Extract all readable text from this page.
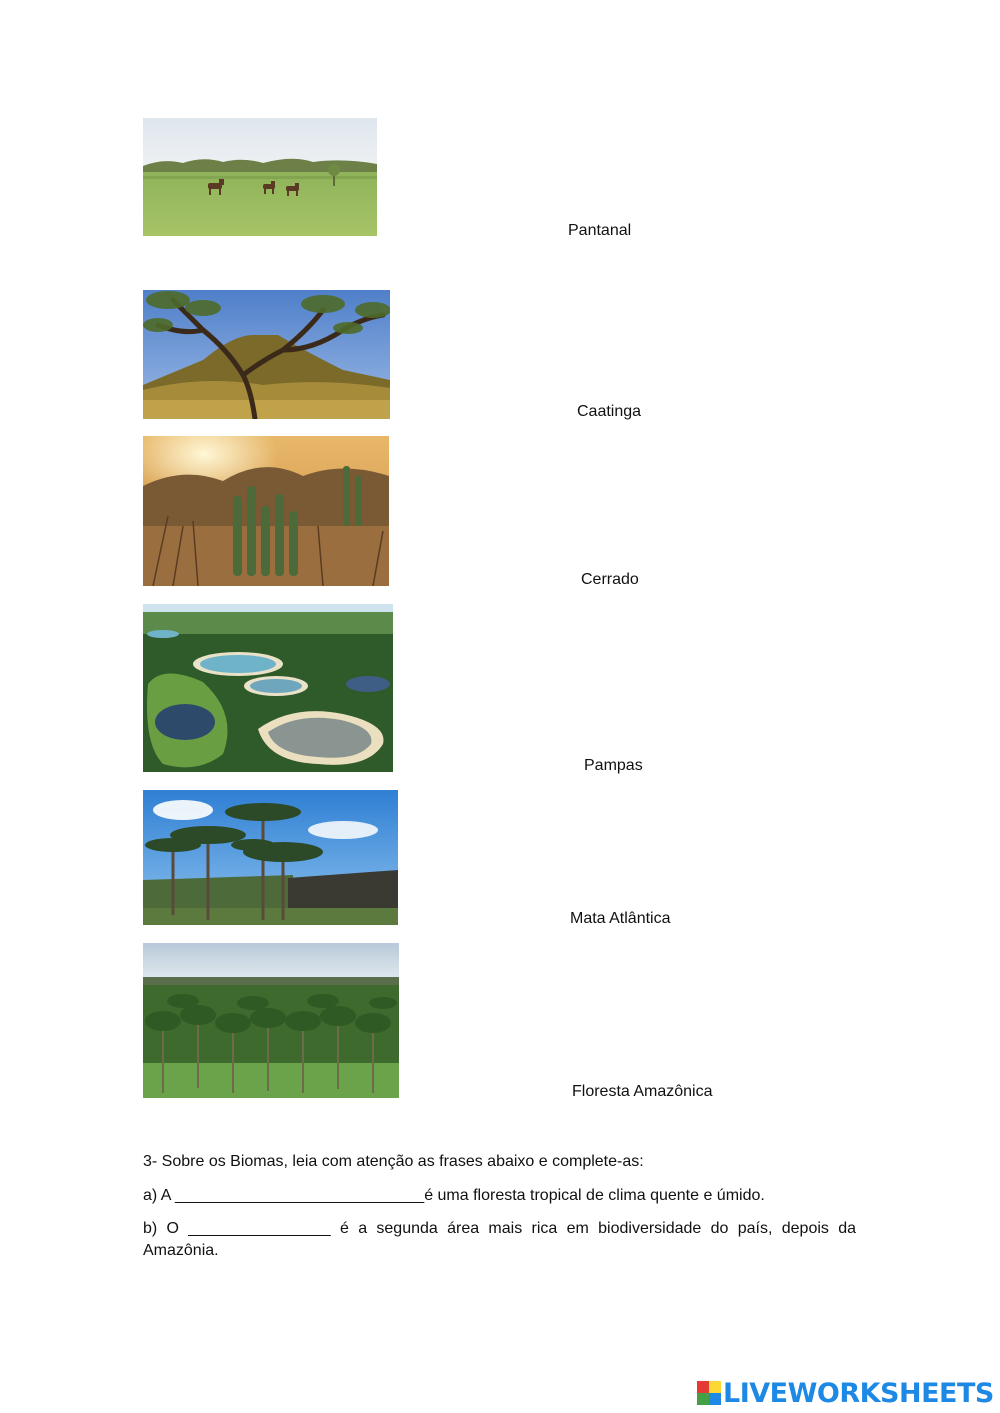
Pantanal
Caatinga
Cerrado
Pampas
Mata Atlântica
Floresta Amazônica
3- Sobre os Biomas, leia com atenção as frases abaixo e complete-as:
a) A ____________________________é uma floresta tropical de clima quente e úmido.
b) O ________________ é a segunda área mais rica em biodiversidade do país, depois da Amazônia.
LIVEWORKSHEETS
